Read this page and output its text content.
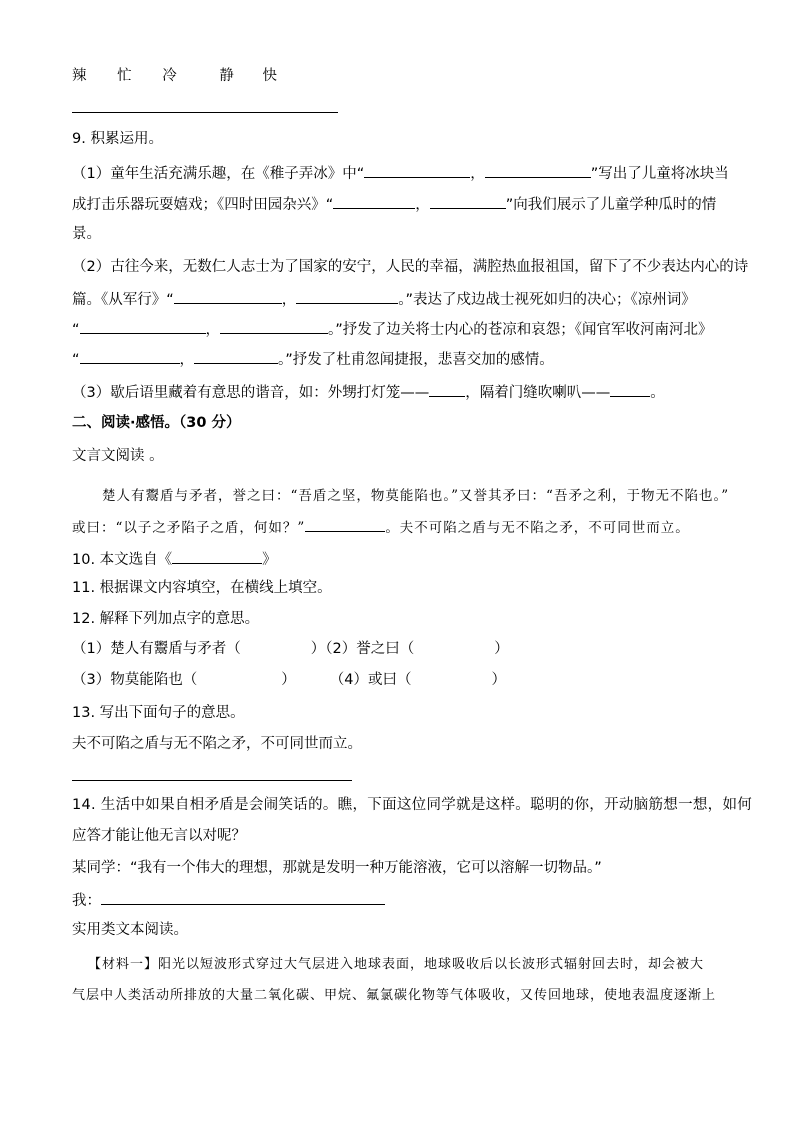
辣 忙 冷	静 快
9. 积累运用。
（1）童年生活充满乐趣，在《稚子弄冰》中“	，	”写出了儿童将冰块当
成打击乐器玩耍嬉戏；《四时田园杂兴》“	，	”向我们展示了儿童学种瓜时的情
景。
（2）古往今来，无数仁人志士为了国家的安宁，人民的幸福，满腔热血报祖国，留下了不少表达内心的诗
篇。《从军行》“	，	。”表达了戍边战士视死如归的决心；《凉州词》
“	，	。”抒发了边关将士内心的苍凉和哀怨；《闻官军收河南河北》
“	，	。”抒发了杜甫忽闻捷报，悲喜交加的感情。
（3）歇后语里藏着有意思的谐音，如：外甥打灯笼—— ，隔着门缝吹喇叭——	。
二、阅读·感悟。（30 分）
文言文阅读 。
楚人有鬻盾与矛者，誉之曰：“吾盾之坚，物莫能陷也。”又誉其矛曰：“吾矛之利，于物无不陷也。”
或曰：“以子之矛陷子之盾，何如？”	。夫不可陷之盾与无不陷之矛，不可同世而立。
10. 本文选自《	》
11. 根据课文内容填空，在横线上填空。
12. 解释下列加点字的意思。
（1）楚人有鬻盾与矛者（	）（2）誉之曰（	）
（3）物莫能陷也（	） （4）或曰（	）
13. 写出下面句子的意思。
夫不可陷之盾与无不陷之矛，不可同世而立。
14. 生活中如果自相矛盾是会闹笑话的。瞧，下面这位同学就是这样。聪明的你，开动脑筋想一想，如何
应答才能让他无言以对呢？
某同学：“我有一个伟大的理想，那就是发明一种万能溶液，它可以溶解一切物品。”
我：
实用类文本阅读。
【材料一】阳光以短波形式穿过大气层进入地球表面，地球吸收后以长波形式辐射回去时，却会被大
气层中人类活动所排放的大量二氧化碳、甲烷、氟氯碳化物等气体吸收，又传回地球，使地表温度逐渐上
